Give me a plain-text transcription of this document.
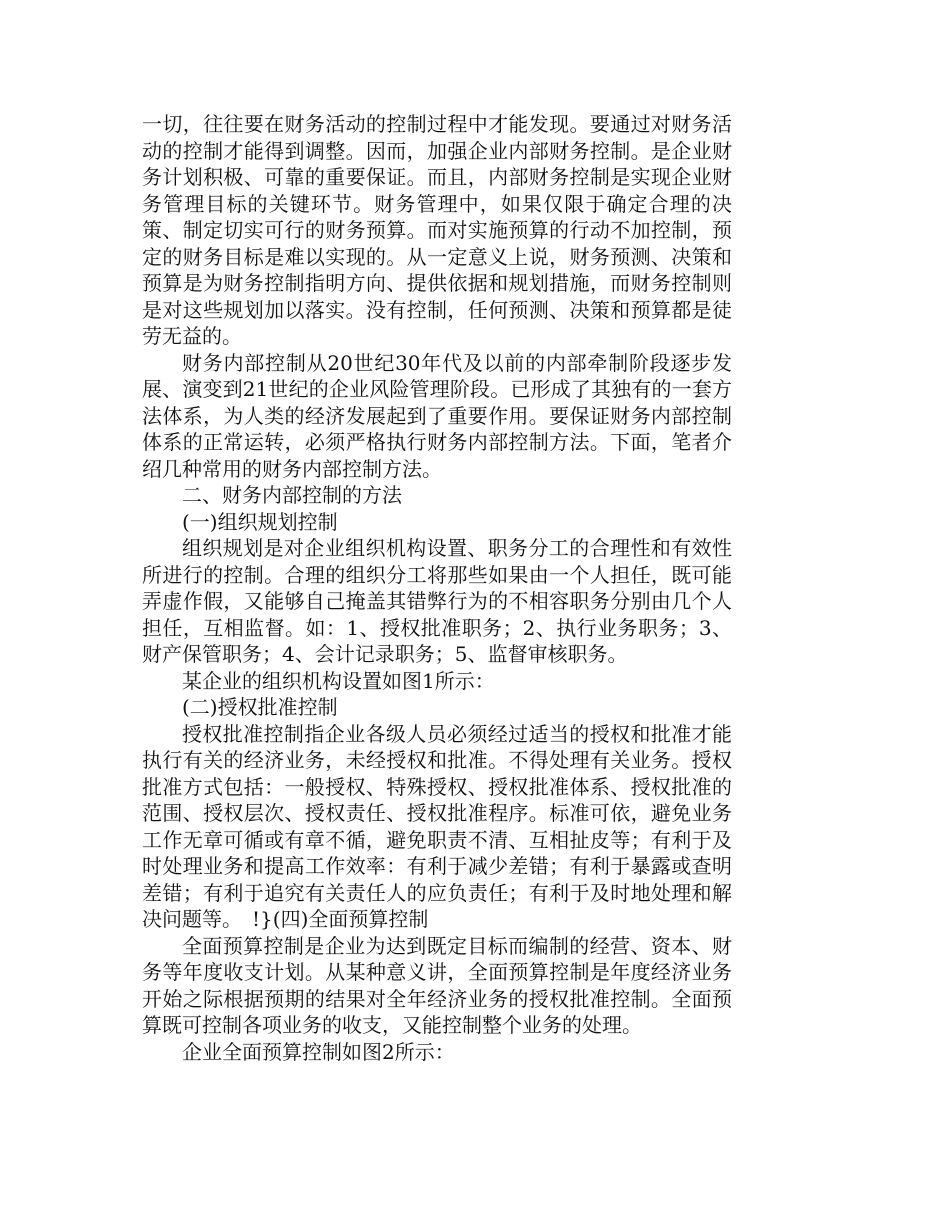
一切，往往要在财务活动的控制过程中才能发现。要通过对财务活动的控制才能得到调整。因而，加强企业内部财务控制。是企业财务计划积极、可靠的重要保证。而且，内部财务控制是实现企业财务管理目标的关键环节。财务管理中，如果仅限于确定合理的决策、制定切实可行的财务预算。而对实施预算的行动不加控制，预定的财务目标是难以实现的。从一定意义上说，财务预测、决策和预算是为财务控制指明方向、提供依据和规划措施，而财务控制则是对这些规划加以落实。没有控制，任何预测、决策和预算都是徒劳无益的。

财务内部控制从20世纪30年代及以前的内部牵制阶段逐步发展、演变到21世纪的企业风险管理阶段。已形成了其独有的一套方法体系，为人类的经济发展起到了重要作用。要保证财务内部控制体系的正常运转，必须严格执行财务内部控制方法。下面，笔者介绍几种常用的财务内部控制方法。

二、财务内部控制的方法

(一)组织规划控制

组织规划是对企业组织机构设置、职务分工的合理性和有效性所进行的控制。合理的组织分工将那些如果由一个人担任，既可能弄虚作假，又能够自己掩盖其错弊行为的不相容职务分别由几个人担任，互相监督。如：1、授权批准职务；2、执行业务职务；3、财产保管职务；4、会计记录职务；5、监督审核职务。

某企业的组织机构设置如图1所示：

(二)授权批准控制

授权批准控制指企业各级人员必须经过适当的授权和批准才能执行有关的经济业务，未经授权和批准。不得处理有关业务。授权批准方式包括：一般授权、特殊授权、授权批准体系、授权批准的范围、授权层次、授权责任、授权批准程序。标准可依，避免业务工作无章可循或有章不循，避免职责不清、互相扯皮等；有利于及时处理业务和提高工作效率：有利于减少差错；有利于暴露或查明差错；有利于追究有关责任人的应负责任；有利于及时地处理和解决问题等。　!}(四)全面预算控制

全面预算控制是企业为达到既定目标而编制的经营、资本、财务等年度收支计划。从某种意义讲，全面预算控制是年度经济业务开始之际根据预期的结果对全年经济业务的授权批准控制。全面预算既可控制各项业务的收支，又能控制整个业务的处理。

企业全面预算控制如图2所示：
